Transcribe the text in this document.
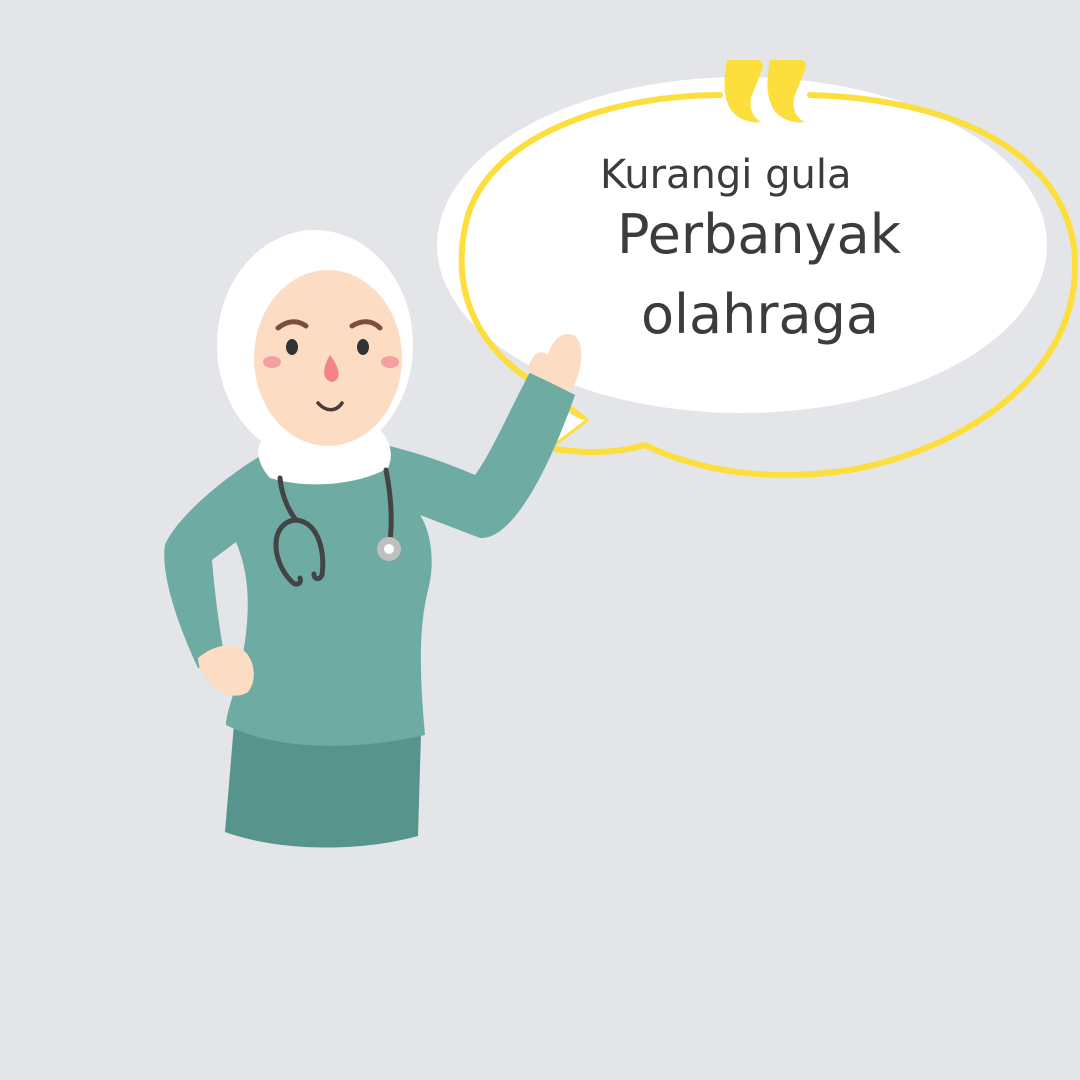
Kurangi gula
Perbanyak
olahraga
